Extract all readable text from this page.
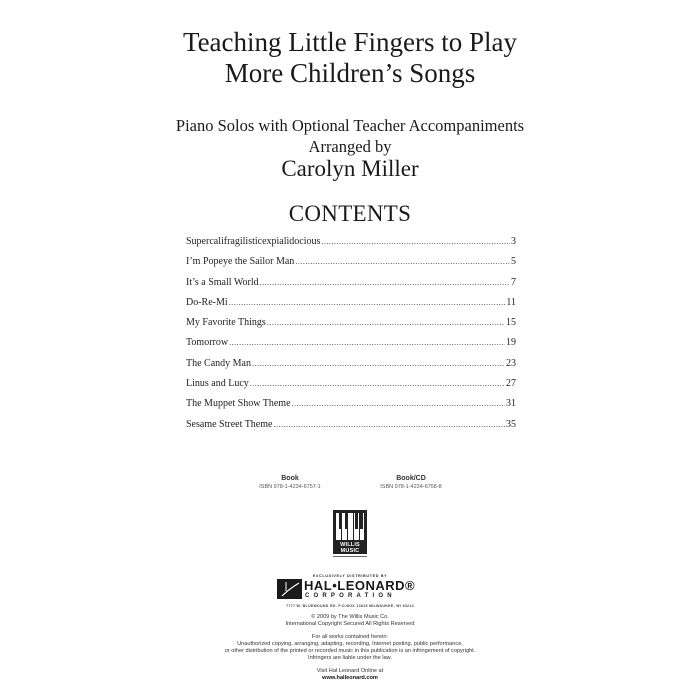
Teaching Little Fingers to Play
More Children’s Songs
Piano Solos with Optional Teacher Accompaniments
Arranged by
Carolyn Miller
CONTENTS
Supercalifragilisticexpialidocious .....	3
I’m Popeye the Sailor Man .....	5
It’s a Small World .....	7
Do-Re-Mi .....	11
My Favorite Things .....	15
Tomorrow .....	19
The Candy Man .....	23
Linus and Lucy .....	27
The Muppet Show Theme .....	31
Sesame Street Theme .....	35
Book
ISBN 978-1-4234-6757-1
Book/CD
ISBN 978-1-4234-6758-8
WILLIS MUSIC
EXCLUSIVELY DISTRIBUTED BY
HAL•LEONARD®
CORPORATION
7777 W. BLUEMOUND RD. P.O.BOX 13819 MILWAUKEE, WI 53213
© 2009 by The Willis Music Co.
International Copyright Secured All Rights Reserved
For all works contained herein:
Unauthorized copying, arranging, adapting, recording, Internet posting, public performance,
or other distribution of the printed or recorded music in this publication is an infringement of copyright.
Infringers are liable under the law.
Visit Hal Leonard Online at
www.halleonard.com
